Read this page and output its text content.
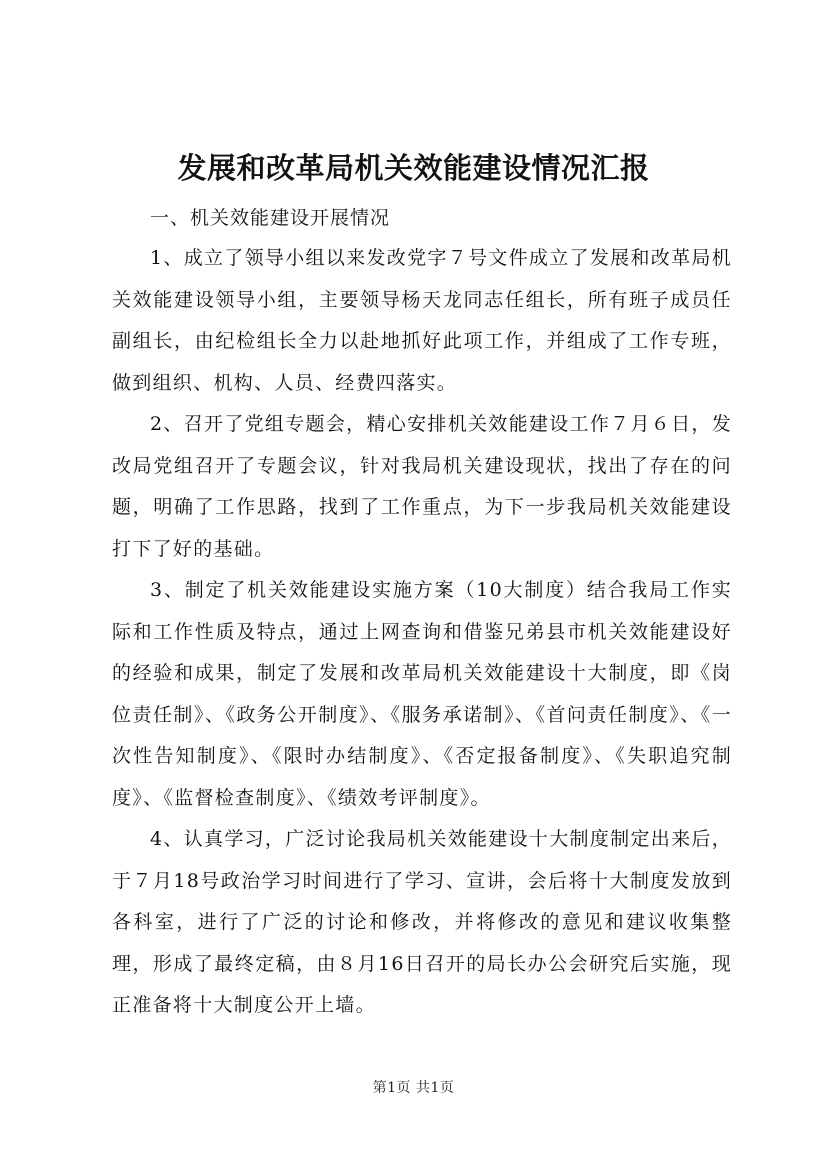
发展和改革局机关效能建设情况汇报

一、机关效能建设开展情况

1、成立了领导小组以来发改党字７号文件成立了发展和改革局机关效能建设领导小组，主要领导杨天龙同志任组长，所有班子成员任副组长，由纪检组长全力以赴地抓好此项工作，并组成了工作专班，做到组织、机构、人员、经费四落实。

2、召开了党组专题会，精心安排机关效能建设工作７月６日，发改局党组召开了专题会议，针对我局机关建设现状，找出了存在的问题，明确了工作思路，找到了工作重点，为下一步我局机关效能建设打下了好的基础。

3、制定了机关效能建设实施方案（10大制度）结合我局工作实际和工作性质及特点，通过上网查询和借鉴兄弟县市机关效能建设好的经验和成果，制定了发展和改革局机关效能建设十大制度，即《岗位责任制》、《政务公开制度》、《服务承诺制》、《首问责任制度》、《一次性告知制度》、《限时办结制度》、《否定报备制度》、《失职追究制度》、《监督检查制度》、《绩效考评制度》。

4、认真学习，广泛讨论我局机关效能建设十大制度制定出来后，于７月18号政治学习时间进行了学习、宣讲，会后将十大制度发放到各科室，进行了广泛的讨论和修改，并将修改的意见和建议收集整理，形成了最终定稿，由８月16日召开的局长办公会研究后实施，现正准备将十大制度公开上墙。

第1页 共1页
